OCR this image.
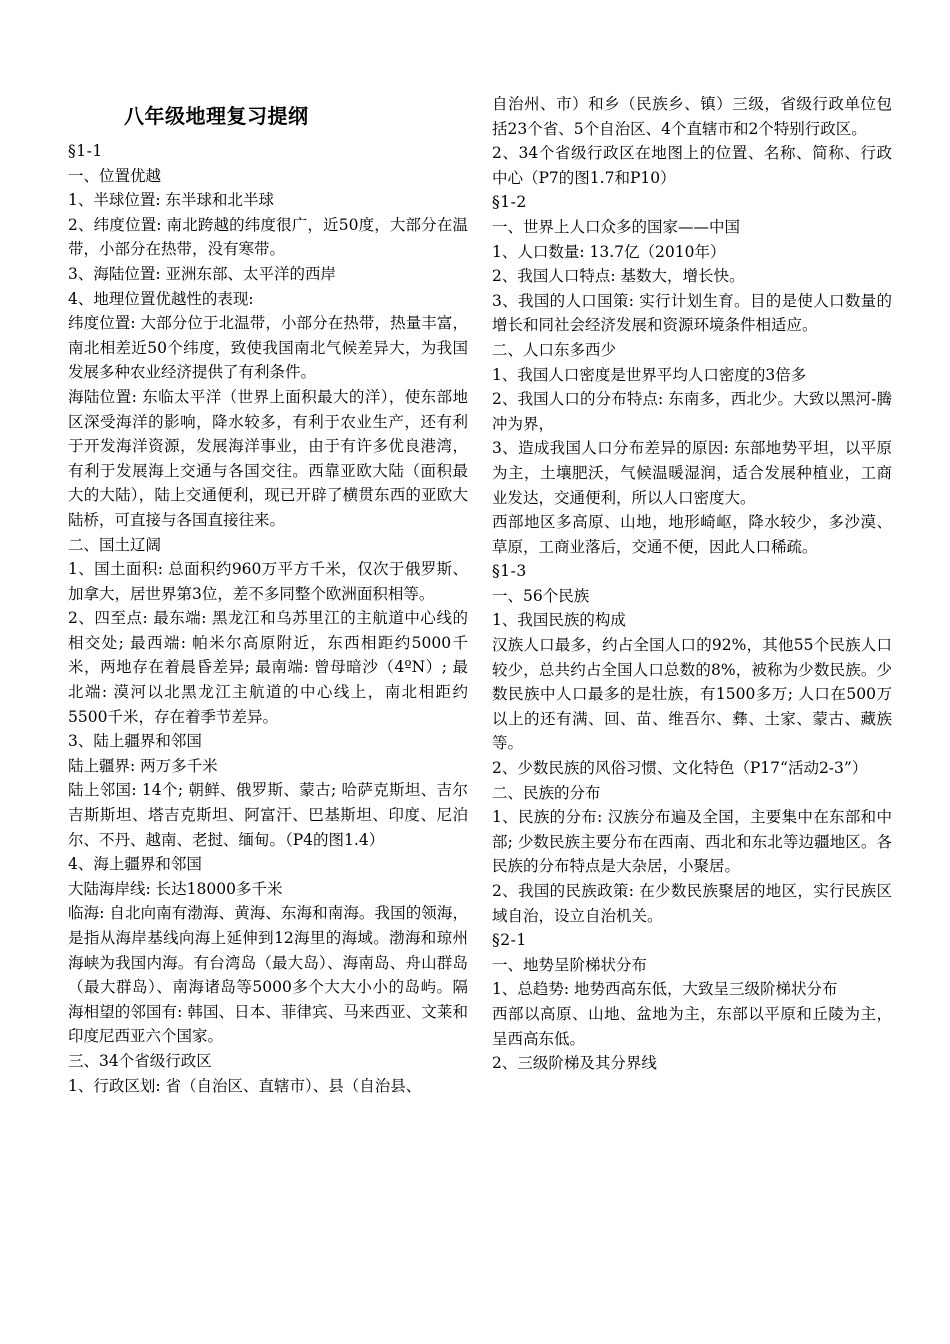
八年级地理复习提纲
§1-1
一、位置优越
1、半球位置: 东半球和北半球
2、纬度位置: 南北跨越的纬度很广，近50度，大部分在温带，小部分在热带，没有寒带。
3、海陆位置: 亚洲东部、太平洋的西岸
4、地理位置优越性的表现:
纬度位置: 大部分位于北温带，小部分在热带，热量丰富，南北相差近50个纬度，致使我国南北气候差异大，为我国发展多种农业经济提供了有利条件。
海陆位置: 东临太平洋（世界上面积最大的洋），使东部地区深受海洋的影响，降水较多，有利于农业生产，还有利于开发海洋资源，发展海洋事业，由于有许多优良港湾，有利于发展海上交通与各国交往。西靠亚欧大陆（面积最大的大陆），陆上交通便利，现已开辟了横贯东西的亚欧大陆桥，可直接与各国直接往来。
二、国土辽阔
1、国土面积: 总面积约960万平方千米，仅次于俄罗斯、加拿大，居世界第3位，差不多同整个欧洲面积相等。
2、四至点: 最东端: 黑龙江和乌苏里江的主航道中心线的相交处; 最西端: 帕米尔高原附近，东西相距约5000千米，两地存在着晨昏差异; 最南端: 曾母暗沙（4ºN）; 最北端: 漠河以北黑龙江主航道的中心线上，南北相距约5500千米，存在着季节差异。
3、陆上疆界和邻国
陆上疆界: 两万多千米
陆上邻国: 14个; 朝鲜、俄罗斯、蒙古; 哈萨克斯坦、吉尔吉斯斯坦、塔吉克斯坦、阿富汗、巴基斯坦、印度、尼泊尔、不丹、越南、老挝、缅甸。（P4的图1.4）
4、海上疆界和邻国
大陆海岸线: 长达18000多千米
临海: 自北向南有渤海、黄海、东海和南海。我国的领海，是指从海岸基线向海上延伸到12海里的海域。渤海和琼州海峡为我国内海。有台湾岛（最大岛）、海南岛、舟山群岛（最大群岛）、南海诸岛等5000多个大大小小的岛屿。隔海相望的邻国有: 韩国、日本、菲律宾、马来西亚、文莱和印度尼西亚六个国家。
三、34个省级行政区
1、行政区划: 省（自治区、直辖市）、县（自治县、
自治州、市）和乡（民族乡、镇）三级，省级行政单位包括23个省、5个自治区、4个直辖市和2个特别行政区。
2、34个省级行政区在地图上的位置、名称、简称、行政中心（P7的图1.7和P10）
§1-2
一、世界上人口众多的国家——中国
1、人口数量: 13.7亿（2010年）
2、我国人口特点: 基数大，增长快。
3、我国的人口国策: 实行计划生育。目的是使人口数量的增长和同社会经济发展和资源环境条件相适应。
二、人口东多西少
1、我国人口密度是世界平均人口密度的3倍多
2、我国人口的分布特点: 东南多，西北少。大致以黑河-腾冲为界，
3、造成我国人口分布差异的原因: 东部地势平坦，以平原为主，土壤肥沃，气候温暖湿润，适合发展种植业，工商业发达，交通便利，所以人口密度大。
西部地区多高原、山地，地形崎岖，降水较少，多沙漠、草原，工商业落后，交通不便，因此人口稀疏。
§1-3
一、56个民族
1、我国民族的构成
汉族人口最多，约占全国人口的92%，其他55个民族人口较少，总共约占全国人口总数的8%，被称为少数民族。少数民族中人口最多的是壮族，有1500多万; 人口在500万以上的还有满、回、苗、维吾尔、彝、土家、蒙古、藏族等。
2、少数民族的风俗习惯、文化特色（P17“活动2-3”）
二、民族的分布
1、民族的分布: 汉族分布遍及全国，主要集中在东部和中部; 少数民族主要分布在西南、西北和东北等边疆地区。各民族的分布特点是大杂居，小聚居。
2、我国的民族政策: 在少数民族聚居的地区，实行民族区域自治，设立自治机关。
§2-1
一、地势呈阶梯状分布
1、总趋势: 地势西高东低，大致呈三级阶梯状分布
西部以高原、山地、盆地为主，东部以平原和丘陵为主，呈西高东低。
2、三级阶梯及其分界线
